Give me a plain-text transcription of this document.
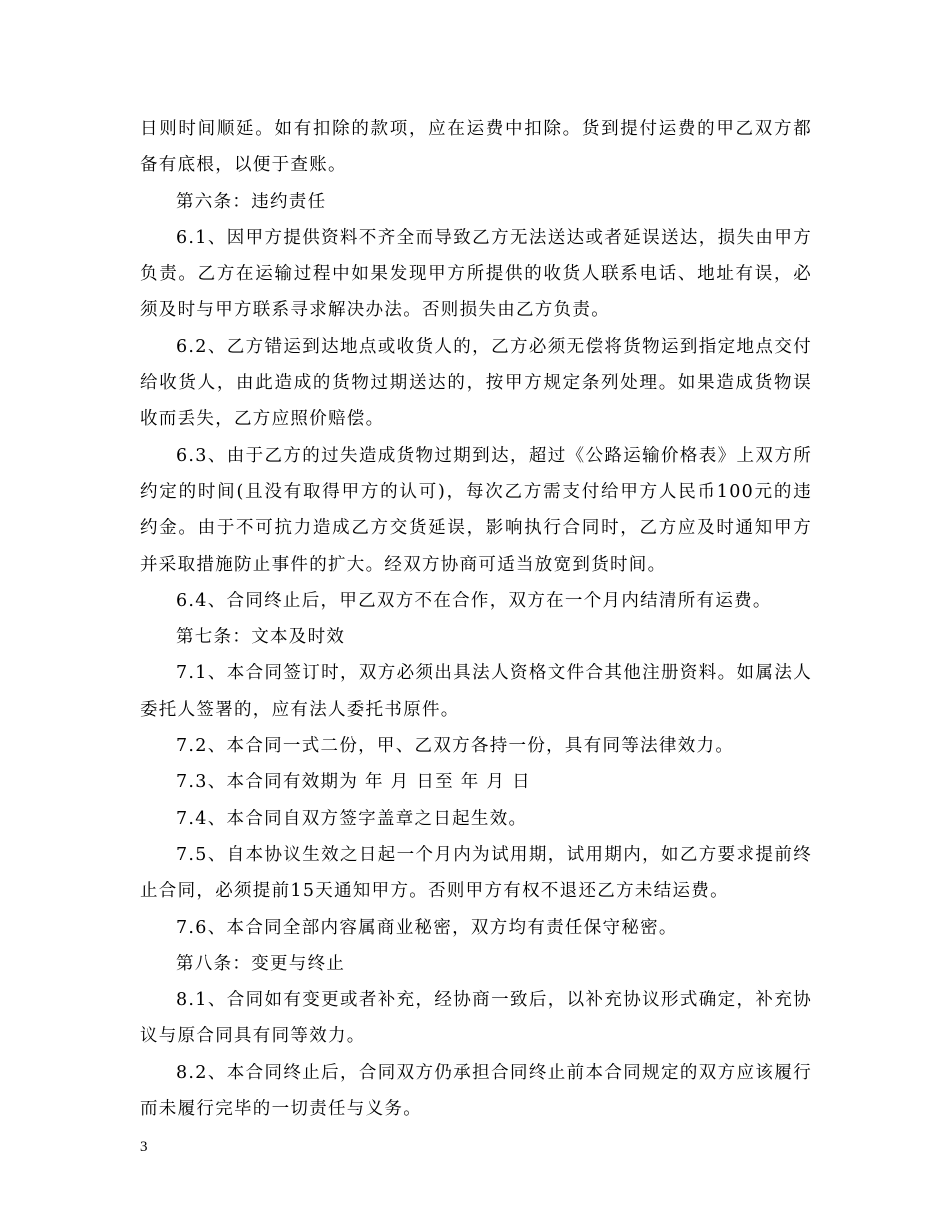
日则时间顺延。如有扣除的款项，应在运费中扣除。货到提付运费的甲乙双方都备有底根，以便于查账。

第六条：违约责任

6.1、因甲方提供资料不齐全而导致乙方无法送达或者延误送达，损失由甲方负责。乙方在运输过程中如果发现甲方所提供的收货人联系电话、地址有误，必须及时与甲方联系寻求解决办法。否则损失由乙方负责。

6.2、乙方错运到达地点或收货人的，乙方必须无偿将货物运到指定地点交付给收货人，由此造成的货物过期送达的，按甲方规定条列处理。如果造成货物误收而丢失，乙方应照价赔偿。

6.3、由于乙方的过失造成货物过期到达，超过《公路运输价格表》上双方所约定的时间(且没有取得甲方的认可)，每次乙方需支付给甲方人民币100元的违约金。由于不可抗力造成乙方交货延误，影响执行合同时，乙方应及时通知甲方并采取措施防止事件的扩大。经双方协商可适当放宽到货时间。

6.4、合同终止后，甲乙双方不在合作，双方在一个月内结清所有运费。

第七条：文本及时效

7.1、本合同签订时，双方必须出具法人资格文件合其他注册资料。如属法人委托人签署的，应有法人委托书原件。

7.2、本合同一式二份，甲、乙双方各持一份，具有同等法律效力。

7.3、本合同有效期为 年 月 日至 年 月 日

7.4、本合同自双方签字盖章之日起生效。

7.5、自本协议生效之日起一个月内为试用期，试用期内，如乙方要求提前终止合同，必须提前15天通知甲方。否则甲方有权不退还乙方未结运费。

7.6、本合同全部内容属商业秘密，双方均有责任保守秘密。

第八条：变更与终止

8.1、合同如有变更或者补充，经协商一致后，以补充协议形式确定，补充协议与原合同具有同等效力。

8.2、本合同终止后，合同双方仍承担合同终止前本合同规定的双方应该履行而未履行完毕的一切责任与义务。

3
